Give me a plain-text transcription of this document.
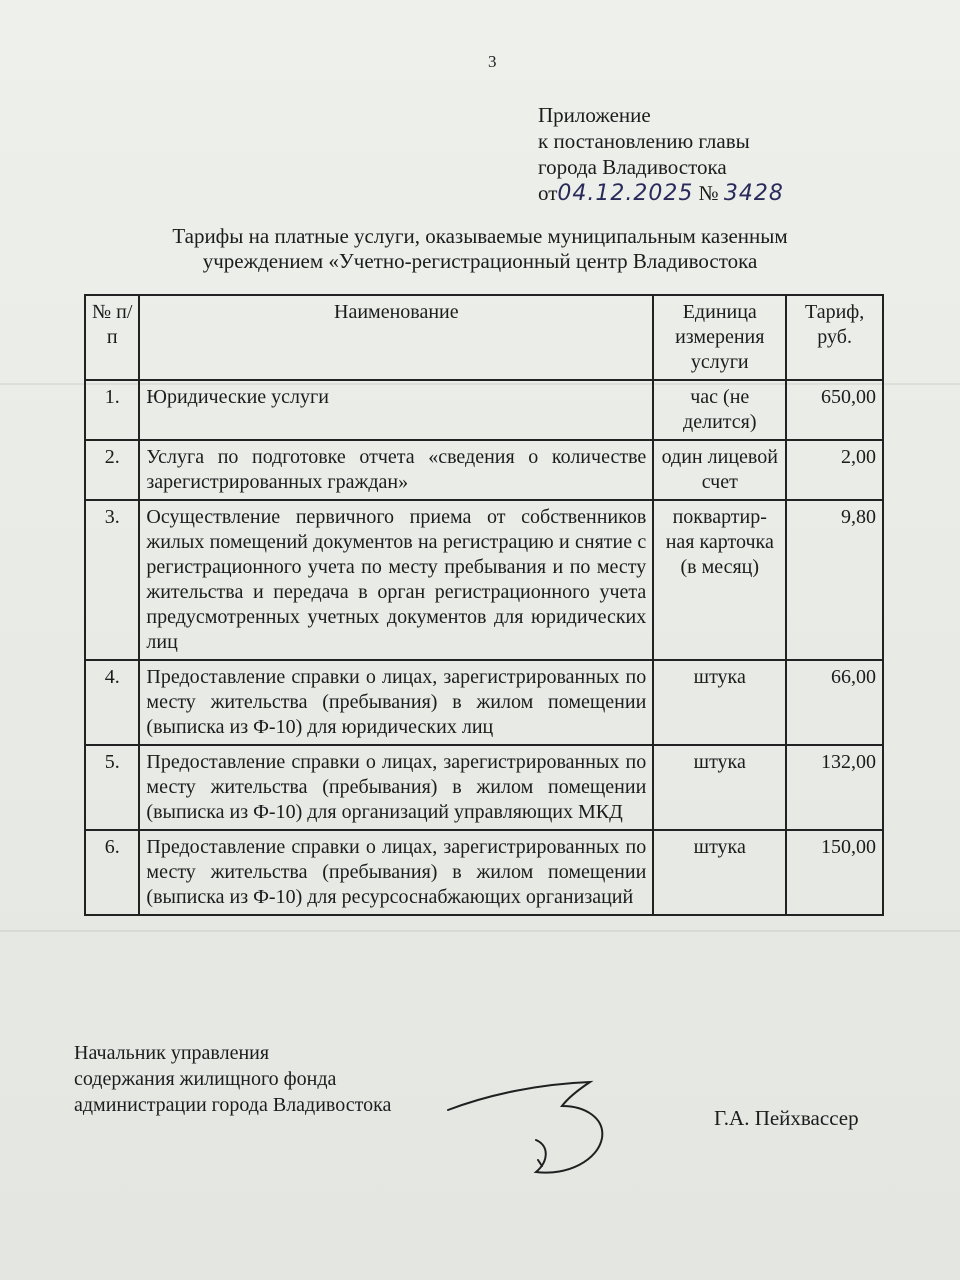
3
Приложение
к постановлению главы
города Владивостока
от04.12.2025 № 3428
Тарифы на платные услуги, оказываемые муниципальным казенным
учреждением «Учетно-регистрационный центр Владивостока
№ п/ п	Наименование	Единица измерения услуги	Тариф, руб.
1.	Юридические услуги	час (не делится)	650,00
2.	Услуга по подготовке отчета «сведения о количестве зарегистрированных граждан»	один лицевой счет	2,00
3.	Осуществление первичного приема от собственников жилых помещений документов на регистрацию и снятие с регистрационного учета по месту пребывания и по месту жительства и передача в орган регистрационного учета предусмотренных учетных документов для юридических лиц	поквартир-ная карточка (в месяц)	9,80
4.	Предоставление справки о лицах, зарегистрированных по месту жительства (пребывания) в жилом помещении (выписка из Ф-10) для юридических лиц	штука	66,00
5.	Предоставление справки о лицах, зарегистрированных по месту жительства (пребывания) в жилом помещении (выписка из Ф-10) для организаций управляющих МКД	штука	132,00
6.	Предоставление справки о лицах, зарегистрированных по месту жительства (пребывания) в жилом помещении (выписка из Ф-10) для ресурсоснабжающих организаций	штука	150,00
Начальник управления
содержания жилищного фонда
администрации города Владивостока
Г.А. Пейхвассер
